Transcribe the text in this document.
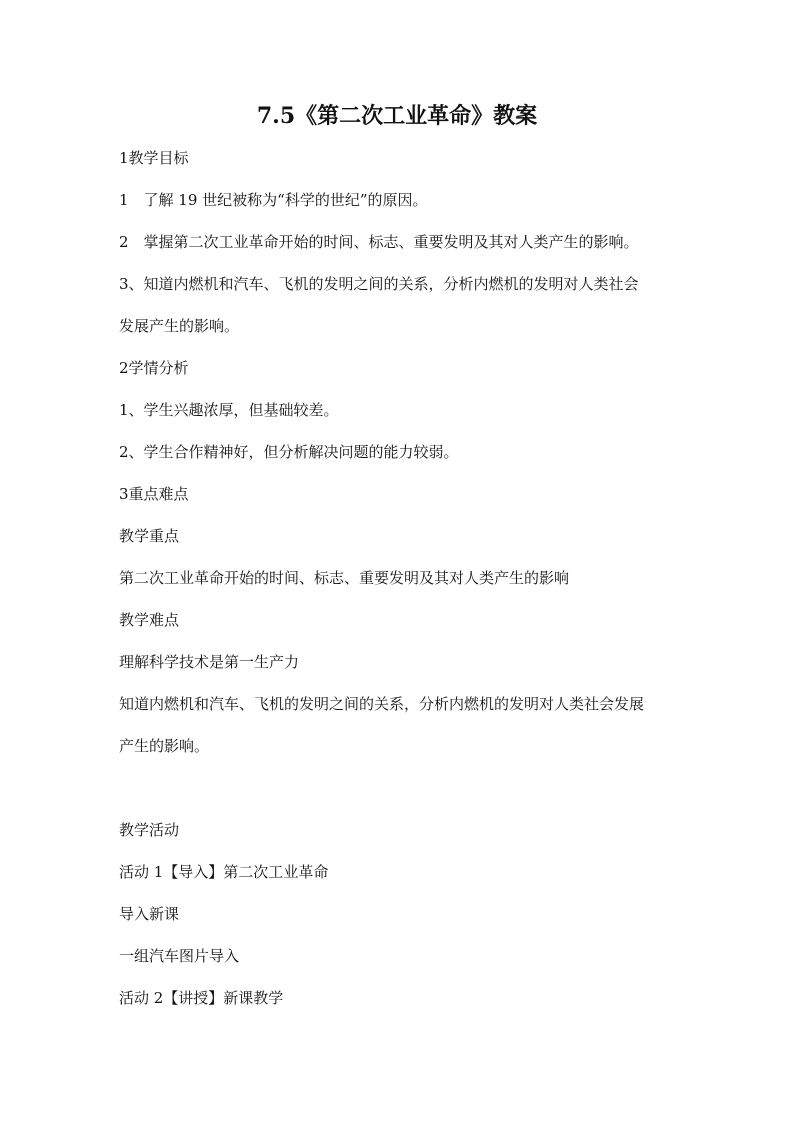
7.5《第二次工业革命》教案
1教学目标
1　了解 19 世纪被称为“科学的世纪”的原因。
2　掌握第二次工业革命开始的时间、标志、重要发明及其对人类产生的影响。
3、知道内燃机和汽车、飞机的发明之间的关系，分析内燃机的发明对人类社会
发展产生的影响。
2学情分析
1、学生兴趣浓厚，但基础较差。
2、学生合作精神好，但分析解决问题的能力较弱。
3重点难点
教学重点
第二次工业革命开始的时间、标志、重要发明及其对人类产生的影响
教学难点
理解科学技术是第一生产力
知道内燃机和汽车、飞机的发明之间的关系，分析内燃机的发明对人类社会发展
产生的影响。
教学活动
活动 1【导入】第二次工业革命
导入新课
一组汽车图片导入
活动 2【讲授】新课教学
